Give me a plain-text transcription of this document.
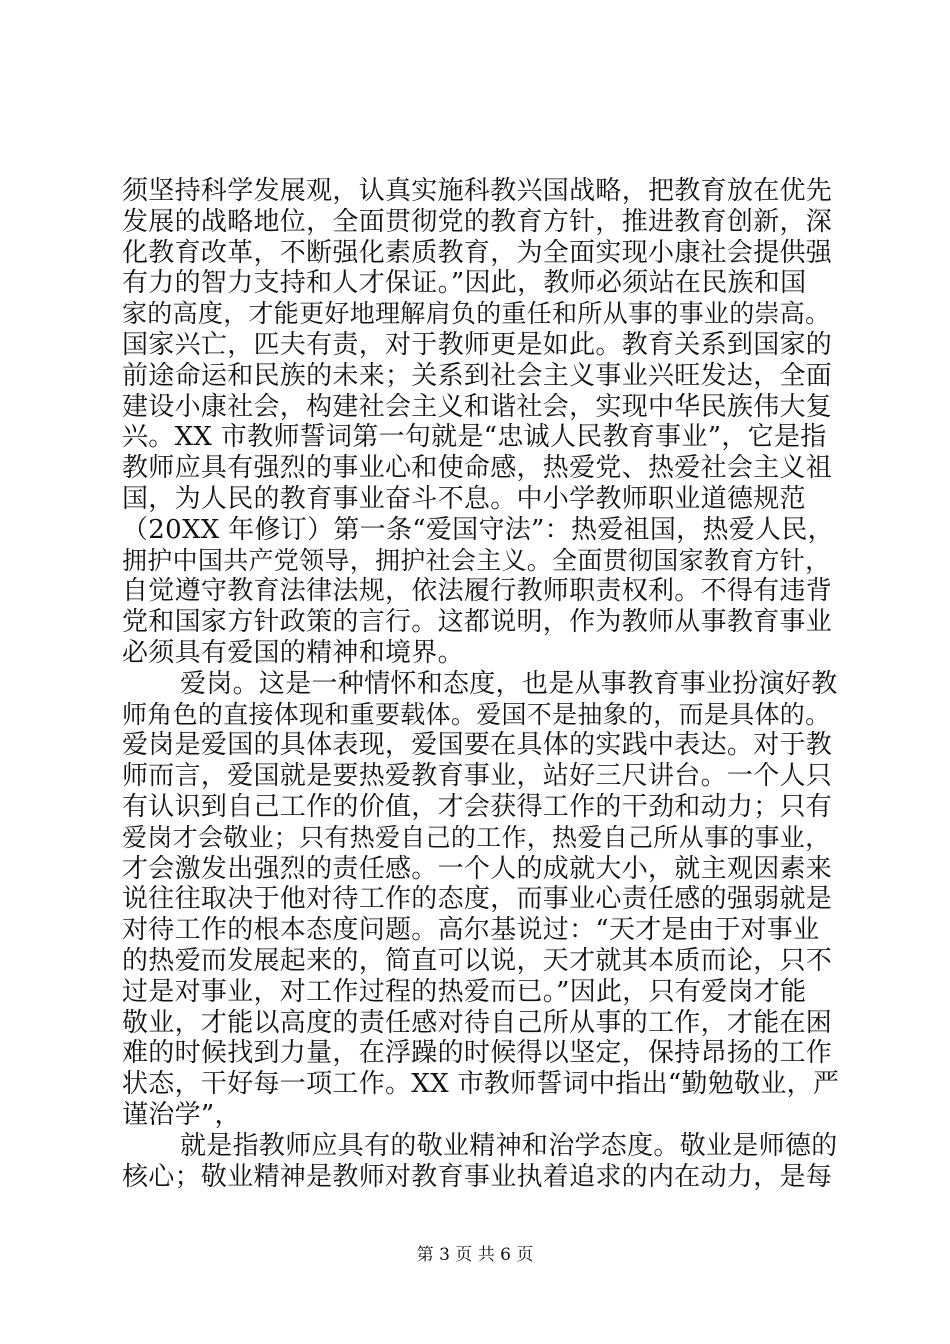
须坚持科学发展观，认真实施科教兴国战略，把教育放在优先
发展的战略地位，全面贯彻党的教育方针，推进教育创新，深
化教育改革，不断强化素质教育，为全面实现小康社会提供强
有力的智力支持和人才保证。”因此，教师必须站在民族和国
家的高度，才能更好地理解肩负的重任和所从事的事业的崇高。
国家兴亡，匹夫有责，对于教师更是如此。教育关系到国家的
前途命运和民族的未来；关系到社会主义事业兴旺发达，全面
建设小康社会，构建社会主义和谐社会，实现中华民族伟大复
兴。XX 市教师誓词第一句就是“忠诚人民教育事业”，它是指
教师应具有强烈的事业心和使命感，热爱党、热爱社会主义祖
国，为人民的教育事业奋斗不息。中小学教师职业道德规范
（20XX 年修订）第一条“爱国守法”：热爱祖国，热爱人民，
拥护中国共产党领导，拥护社会主义。全面贯彻国家教育方针，
自觉遵守教育法律法规，依法履行教师职责权利。不得有违背
党和国家方针政策的言行。这都说明，作为教师从事教育事业
必须具有爱国的精神和境界。
爱岗。这是一种情怀和态度，也是从事教育事业扮演好教
师角色的直接体现和重要载体。爱国不是抽象的，而是具体的。
爱岗是爱国的具体表现，爱国要在具体的实践中表达。对于教
师而言，爱国就是要热爱教育事业，站好三尺讲台。一个人只
有认识到自己工作的价值，才会获得工作的干劲和动力；只有
爱岗才会敬业；只有热爱自己的工作，热爱自己所从事的事业，
才会激发出强烈的责任感。一个人的成就大小，就主观因素来
说往往取决于他对待工作的态度，而事业心责任感的强弱就是
对待工作的根本态度问题。高尔基说过：“天才是由于对事业
的热爱而发展起来的，简直可以说，天才就其本质而论，只不
过是对事业，对工作过程的热爱而已。”因此，只有爱岗才能
敬业，才能以高度的责任感对待自己所从事的工作，才能在困
难的时候找到力量，在浮躁的时候得以坚定，保持昂扬的工作
状态，干好每一项工作。XX 市教师誓词中指出“勤勉敬业，严
谨治学”，
就是指教师应具有的敬业精神和治学态度。敬业是师德的
核心；敬业精神是教师对教育事业执着追求的内在动力，是每
第 3 页 共 6 页
